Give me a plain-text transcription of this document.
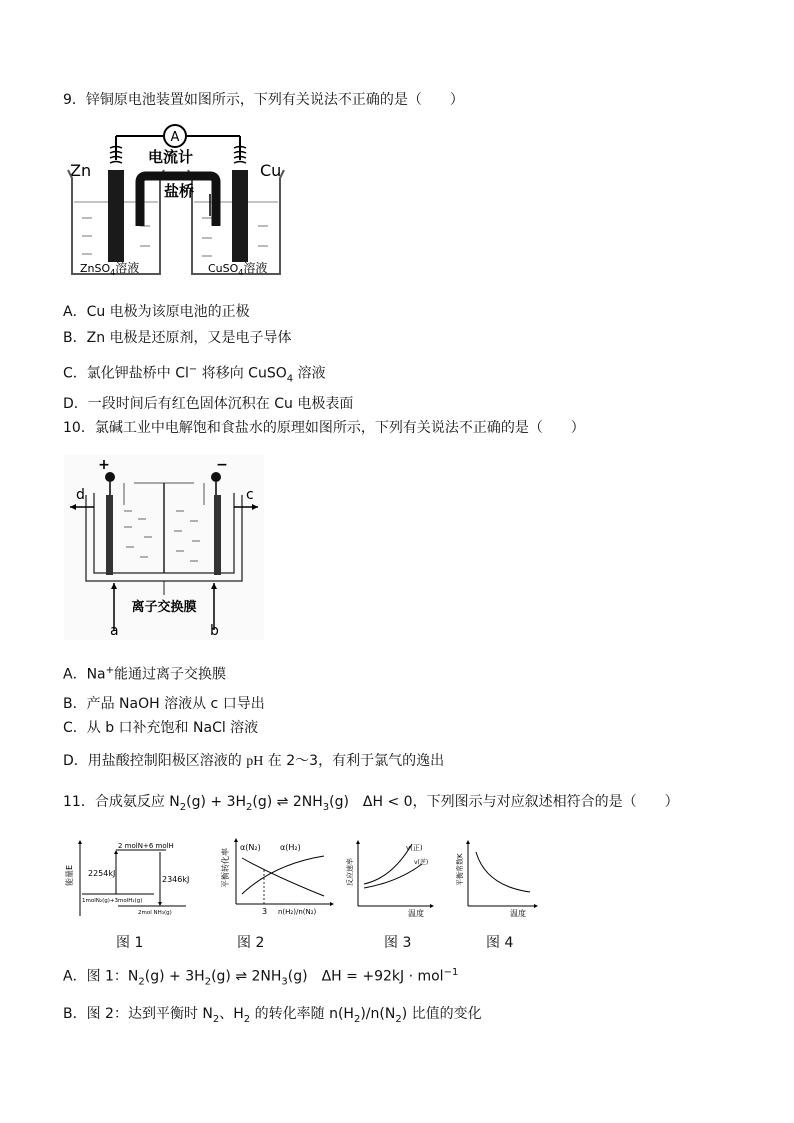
9．锌铜原电池装置如图所示，下列有关说法不正确的是（　　）
A
电流计
Zn	Cu
盐桥
ZnSO$_4$溶液	CuSO$_4$溶液
A．Cu 电极为该原电池的正极
B．Zn 电极是还原剂，又是电子导体
C．氯化钾盐桥中 Cl− 将移向 CuSO$_4$ 溶液
D．一段时间后有红色固体沉积在 Cu 电极表面
10．氯碱工业中电解饱和食盐水的原理如图所示，下列有关说法不正确的是（　　）
+	−
d	c
离子交换膜
a	b
A．Na+能通过离子交换膜
B．产品 NaOH 溶液从 c 口导出
C．从 b 口补充饱和 NaCl 溶液
D．用盐酸控制阳极区溶液的 pH 在 2～3，有利于氯气的逸出
11．合成氨反应 $N_2(g) + 3H_2(g)$ ⇌ $2NH_3(g)$　ΔH < 0，下列图示与对应叙述相符合的是（　　）
能量E
2 molN+6 molH
2254kJ
2346kJ
1molN₂(g)+3molH₂(g)
2mol NH₃(g)
图 1
平衡转化率
α(N₂) α(H₂)
3 n(H₂)/n(N₂)
图 2
反应速率
v(正)
v(逆)
温度
图 3
平衡常数K
温度
图 4
A．图 1：$N_2(g) + 3H_2(g)$ ⇌ $2NH_3(g)$　ΔH = +92kJ · mol$^{-1}$
B．图 2：达到平衡时 $N_2$、$H_2$ 的转化率随 $n(H_2)/n(N_2)$ 比值的变化
